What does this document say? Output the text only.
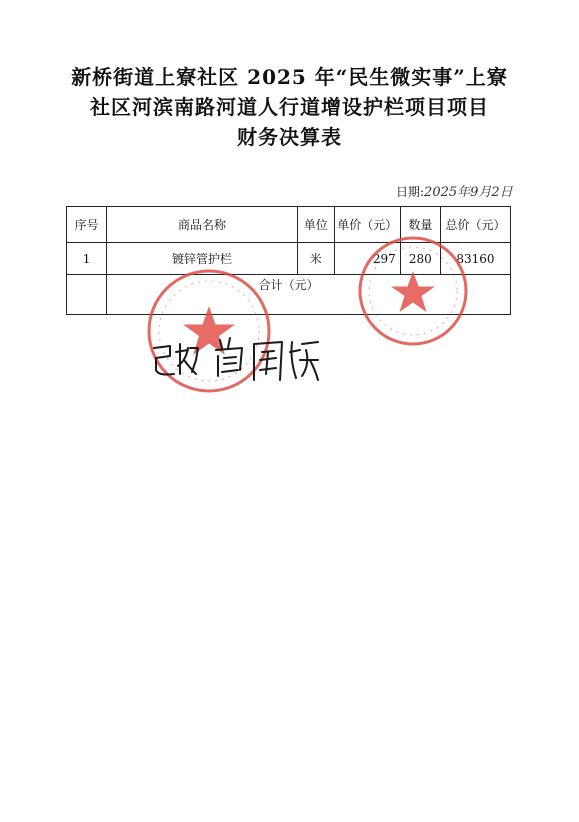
新桥街道上寮社区 2025 年“民生微实事”上寮
社区河滨南路河道人行道增设护栏项目项目
财务决算表
日期:2025年9月2日
序号	商品名称	单位	单价（元）	数量	总价（元）
1	镀锌管护栏	米	297	280	83160
	合计（元）				
